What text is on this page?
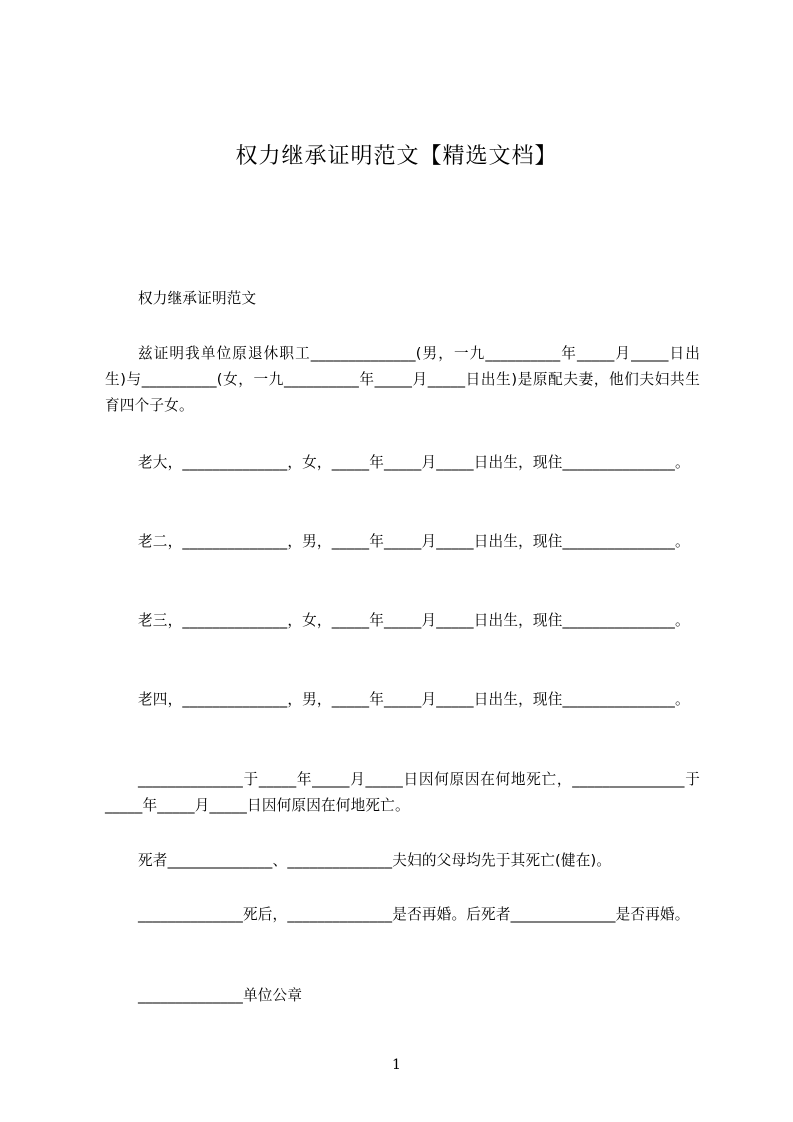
权力继承证明范文【精选文档】
权力继承证明范文
兹证明我单位原退休职工______________(男，一九__________年_____月_____日出生)与__________(女，一九__________年_____月_____日出生)是原配夫妻，他们夫妇共生育四个子女。
老大，______________，女，_____年_____月_____日出生，现住_______________。
老二，______________，男，_____年_____月_____日出生，现住_______________。
老三，______________，女，_____年_____月_____日出生，现住_______________。
老四，______________，男，_____年_____月_____日出生，现住_______________。
______________于_____年_____月_____日因何原因在何地死亡，_______________于_____年_____月_____日因何原因在何地死亡。
死者______________、______________夫妇的父母均先于其死亡(健在)。
______________死后，______________是否再婚。后死者______________是否再婚。
______________单位公章
1
